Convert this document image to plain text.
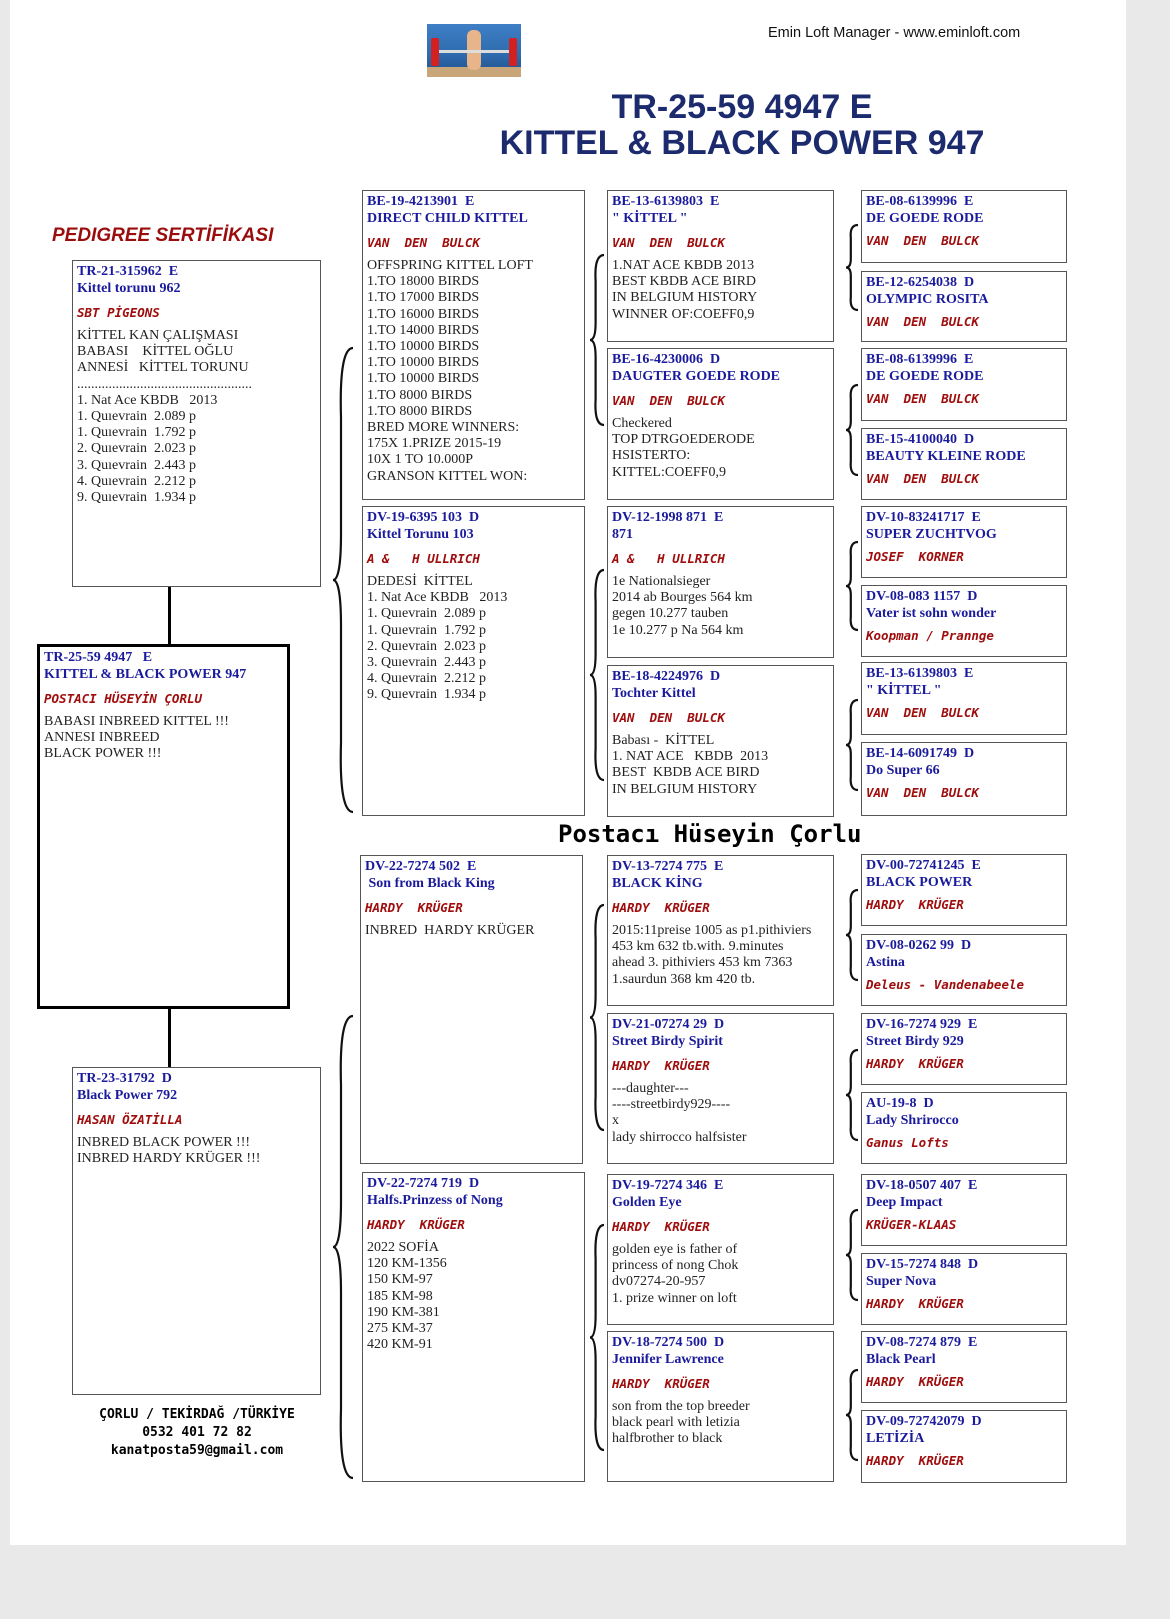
Emin Loft Manager - www.eminloft.com
TR-25-59 4947 E
KITTEL & BLACK POWER 947
PEDIGREE SERTİFİKASI
Postacı Hüseyin Çorlu
ÇORLU / TEKİRDAĞ /TÜRKİYE
0532 401 72 82
kanatposta59@gmail.com
TR-21-315962  E
Kittel torunu 962
SBT PİGEONS
KİTTEL KAN ÇALIŞMASI
BABASI    KİTTEL OĞLU
ANNESİ   KİTTEL TORUNU
..................................................
1. Nat Ace KBDB   2013
1. Quıevrain  2.089 p
1. Quıevrain  1.792 p
2. Quıevrain  2.023 p
3. Quıevrain  2.443 p
4. Quıevrain  2.212 p
9. Quıevrain  1.934 p
TR-25-59 4947   E
KITTEL & BLACK POWER 947
POSTACI HÜSEYİN ÇORLU
BABASI INBREED KITTEL !!!
ANNESI INBREED
BLACK POWER !!!
TR-23-31792  D
Black Power 792
HASAN ÖZATİLLA
INBRED BLACK POWER !!!
INBRED HARDY KRÜGER !!!
BE-19-4213901  E
DIRECT CHILD KITTEL
VAN  DEN  BULCK
OFFSPRING KITTEL LOFT
1.TO 18000 BIRDS
1.TO 17000 BIRDS
1.TO 16000 BIRDS
1.TO 14000 BIRDS
1.TO 10000 BIRDS
1.TO 10000 BIRDS
1.TO 10000 BIRDS
1.TO 8000 BIRDS
1.TO 8000 BIRDS
BRED MORE WINNERS:
175X 1.PRIZE 2015-19
10X 1 TO 10.000P
GRANSON KITTEL WON:
DV-19-6395 103  D
Kittel Torunu 103
A &   H ULLRICH
DEDESİ  KİTTEL
1. Nat Ace KBDB   2013
1. Quıevrain  2.089 p
1. Quıevrain  1.792 p
2. Quıevrain  2.023 p
3. Quıevrain  2.443 p
4. Quıevrain  2.212 p
9. Quıevrain  1.934 p
DV-22-7274 502  E
Son from Black King
HARDY  KRÜGER
INBRED  HARDY KRÜGER
DV-22-7274 719  D
Halfs.Prinzess of Nong
HARDY  KRÜGER
2022 SOFİA
120 KM-1356
150 KM-97
185 KM-98
190 KM-381
275 KM-37
420 KM-91
BE-13-6139803  E
" KİTTEL "
VAN  DEN  BULCK
1.NAT ACE KBDB 2013
BEST KBDB ACE BIRD
IN BELGIUM HISTORY
WINNER OF:COEFF0,9
BE-16-4230006  D
DAUGTER GOEDE RODE
VAN  DEN  BULCK
Checkered
TOP DTRGOEDERODE
HSISTERTO:
KITTEL:COEFF0,9
DV-12-1998 871  E
871
A &   H ULLRICH
1e Nationalsieger
2014 ab Bourges 564 km
gegen 10.277 tauben
1e 10.277 p Na 564 km
BE-18-4224976  D
Tochter Kittel
VAN  DEN  BULCK
Babası -  KİTTEL
1. NAT ACE   KBDB  2013
BEST  KBDB ACE BIRD
IN BELGIUM HISTORY
DV-13-7274 775  E
BLACK KİNG
HARDY  KRÜGER
2015:11preise 1005 as p1.pithiviers
453 km 632 tb.with. 9.minutes
ahead 3. pithiviers 453 km 7363
1.saurdun 368 km 420 tb.
DV-21-07274 29  D
Street Birdy Spirit
HARDY  KRÜGER
---daughter---
----streetbirdy929----
x
lady shirrocco halfsister
DV-19-7274 346  E
Golden Eye
HARDY  KRÜGER
golden eye is father of
princess of nong Chok
dv07274-20-957
1. prize winner on loft
DV-18-7274 500  D
Jennifer Lawrence
HARDY  KRÜGER
son from the top breeder
black pearl with letizia
halfbrother to black
BE-08-6139996  E
DE GOEDE RODE
VAN  DEN  BULCK
BE-12-6254038  D
OLYMPIC ROSITA
VAN  DEN  BULCK
BE-08-6139996  E
DE GOEDE RODE
VAN  DEN  BULCK
BE-15-4100040  D
BEAUTY KLEINE RODE
VAN  DEN  BULCK
DV-10-83241717  E
SUPER ZUCHTVOG
JOSEF  KORNER
DV-08-083 1157  D
Vater ist sohn wonder
Koopman / Prannge
BE-13-6139803  E
" KİTTEL "
VAN  DEN  BULCK
BE-14-6091749  D
Do Super 66
VAN  DEN  BULCK
DV-00-72741245  E
BLACK POWER
HARDY  KRÜGER
DV-08-0262 99  D
Astina
Deleus - Vandenabeele
DV-16-7274 929  E
Street Birdy 929
HARDY  KRÜGER
AU-19-8  D
Lady Shrirocco
Ganus Lofts
DV-18-0507 407  E
Deep Impact
KRÜGER-KLAAS
DV-15-7274 848  D
Super Nova
HARDY  KRÜGER
DV-08-7274 879  E
Black Pearl
HARDY  KRÜGER
DV-09-72742079  D
LETİZİA
HARDY  KRÜGER
